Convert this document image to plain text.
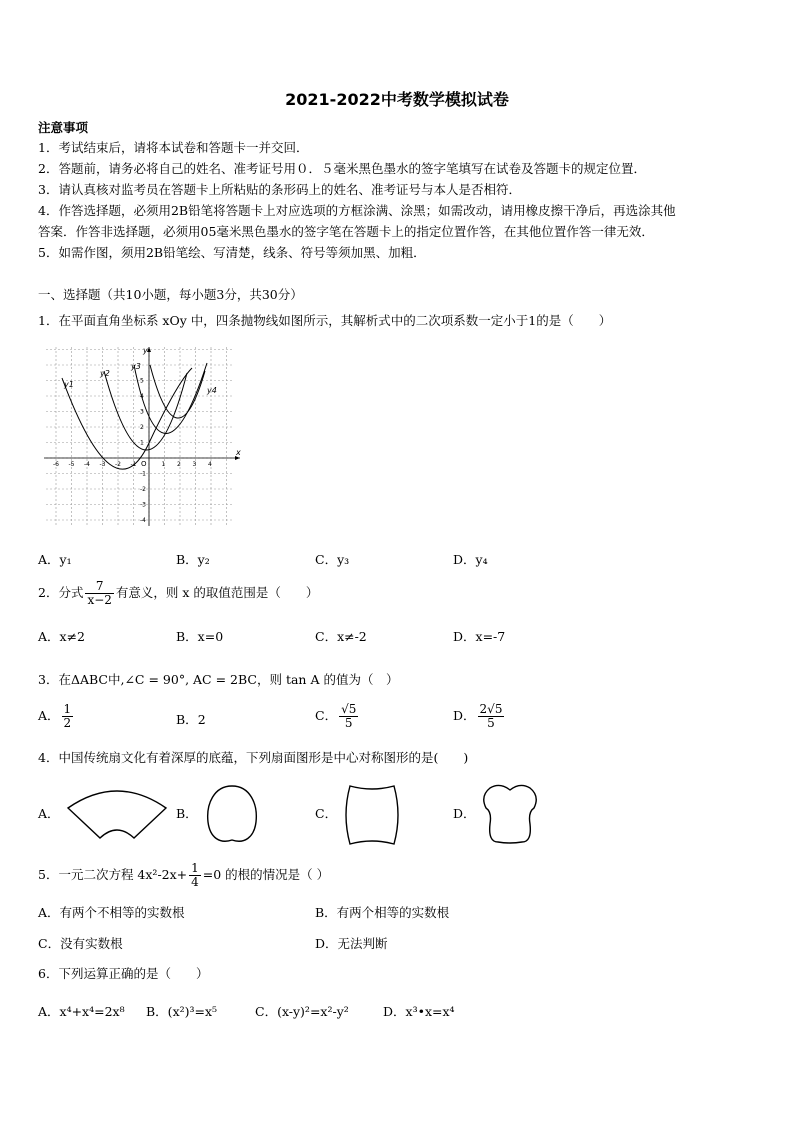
2021-2022中考数学模拟试卷
注意事项
1．考试结束后，请将本试卷和答题卡一并交回．
2．答题前，请务必将自己的姓名、准考证号用０．５毫米黑色墨水的签字笔填写在试卷及答题卡的规定位置．
3．请认真核对监考员在答题卡上所粘贴的条形码上的姓名、准考证号与本人是否相符．
4．作答选择题，必须用2B铅笔将答题卡上对应选项的方框涂满、涂黑；如需改动，请用橡皮擦干净后，再选涂其他
答案．作答非选择题，必须用05毫米黑色墨水的签字笔在答题卡上的指定位置作答，在其他位置作答一律无效．
5．如需作图，须用2B铅笔绘、写清楚，线条、符号等须加黑、加粗．
一、选择题（共10小题，每小题3分，共30分）
1．在平面直角坐标系 xOy 中，四条抛物线如图所示，其解析式中的二次项系数一定小于1的是（　　）
x
y
O
-6 -5 -4 -3 -2 -1	1 2 3 4
5
4
3
2
1
-1
-2
-3
-4
y1
y2
y3
y4
A．y₁	B．y₂	C．y₃	D．y₄
2．分式 $\frac{7}{x-2}$ 有意义，则 x 的取值范围是（　　）
A．x≠2	B．x=0	C．x≠-2	D．x=-7
3．在ΔABC中,∠C = 90°, AC = 2BC，则 tan A 的值为（　）
A． $\frac{1}{2}$	B．2	C． $\frac{√5}{5}$	D． $\frac{2√5}{5}$
4．中国传统扇文化有着深厚的底蕴，下列扇面图形是中心对称图形的是(　　)
A．	B．	C．	D．
5．一元二次方程 $4x^2-2x+ \frac{1}{4} =0$ 的根的情况是（ ）
A．有两个不相等的实数根	B．有两个相等的实数根
C．没有实数根	D．无法判断
6．下列运算正确的是（　　）
A．x⁴+x⁴=2x⁸ B．(x²)³=x⁵	C．(x-y)²=x²-y²	D．x³•x=x⁴
